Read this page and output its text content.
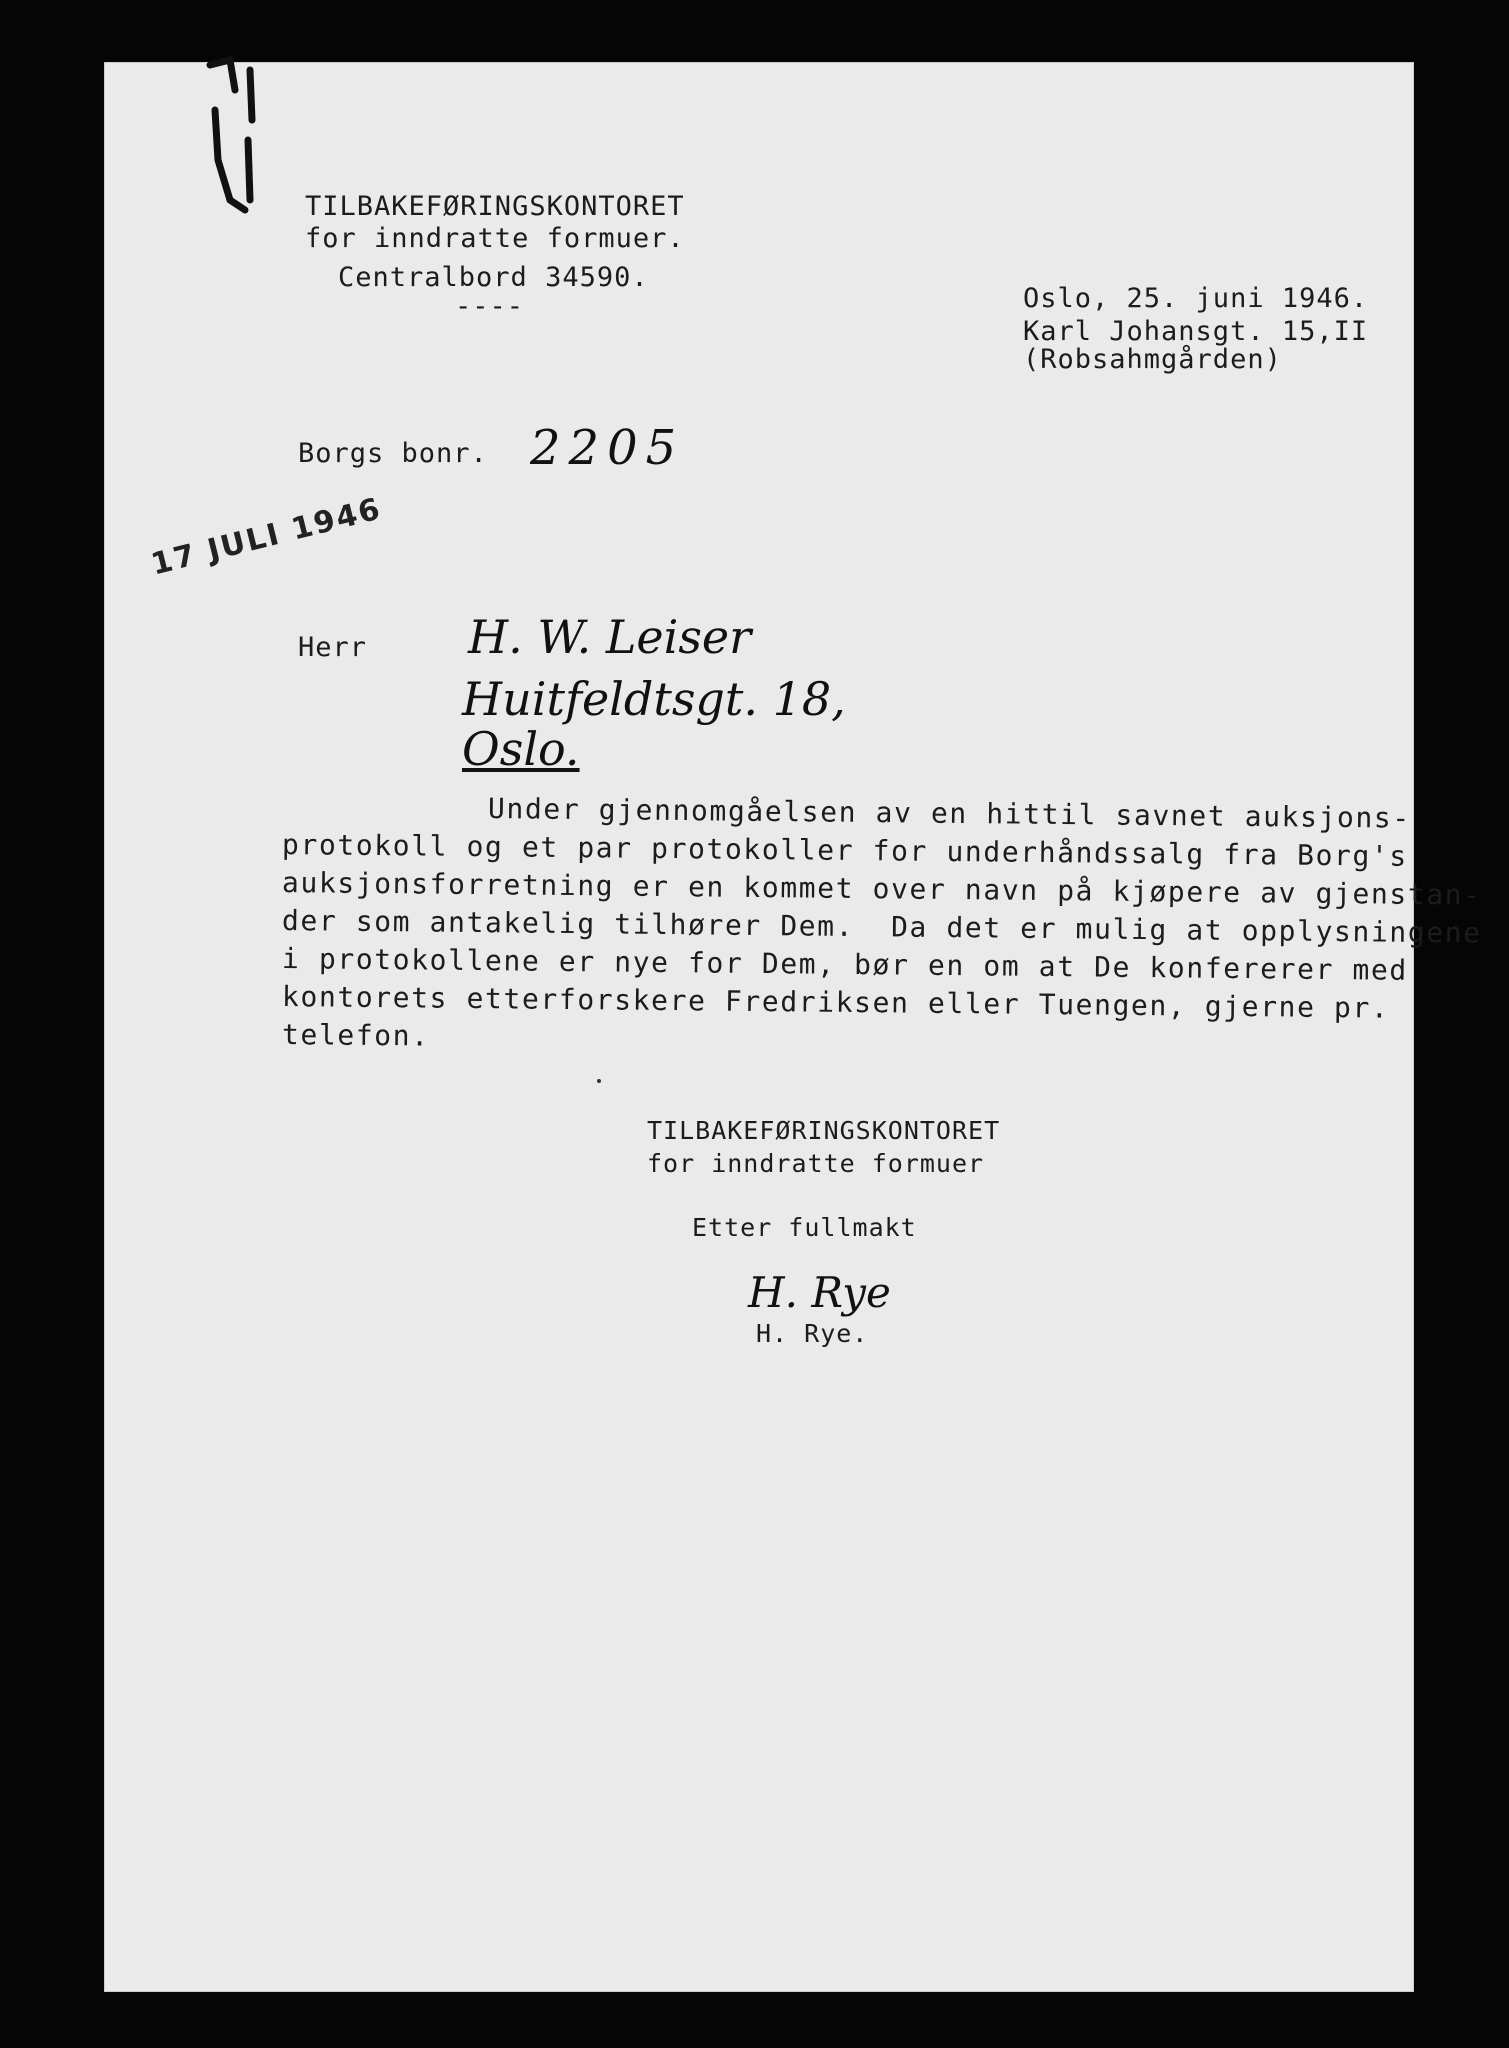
TILBAKEFØRINGSKONTORET
for inndratte formuer.
Centralbord 34590.
----	Oslo, 25. juni 1946.
Karl Johansgt. 15,II
(Robsahmgården)
Borgs bonr. 2205
17 JULI 1946
Herr H. W. Leiser
Huitfeldtsgt. 18,
Oslo.
Under gjennomgåelsen av en hittil savnet auksjons-
protokoll og et par protokoller for underhåndssalg fra Borg's
auksjonsforretning er en kommet over navn på kjøpere av gjenstan-
der som antakelig tilhører Dem.  Da det er mulig at opplysningene
i protokollene er nye for Dem, bør en om at De konfererer med
kontorets etterforskere Fredriksen eller Tuengen, gjerne pr.
telefon.
TILBAKEFØRINGSKONTORET
for inndratte formuer
Etter fullmakt
H. Rye
H. Rye.
